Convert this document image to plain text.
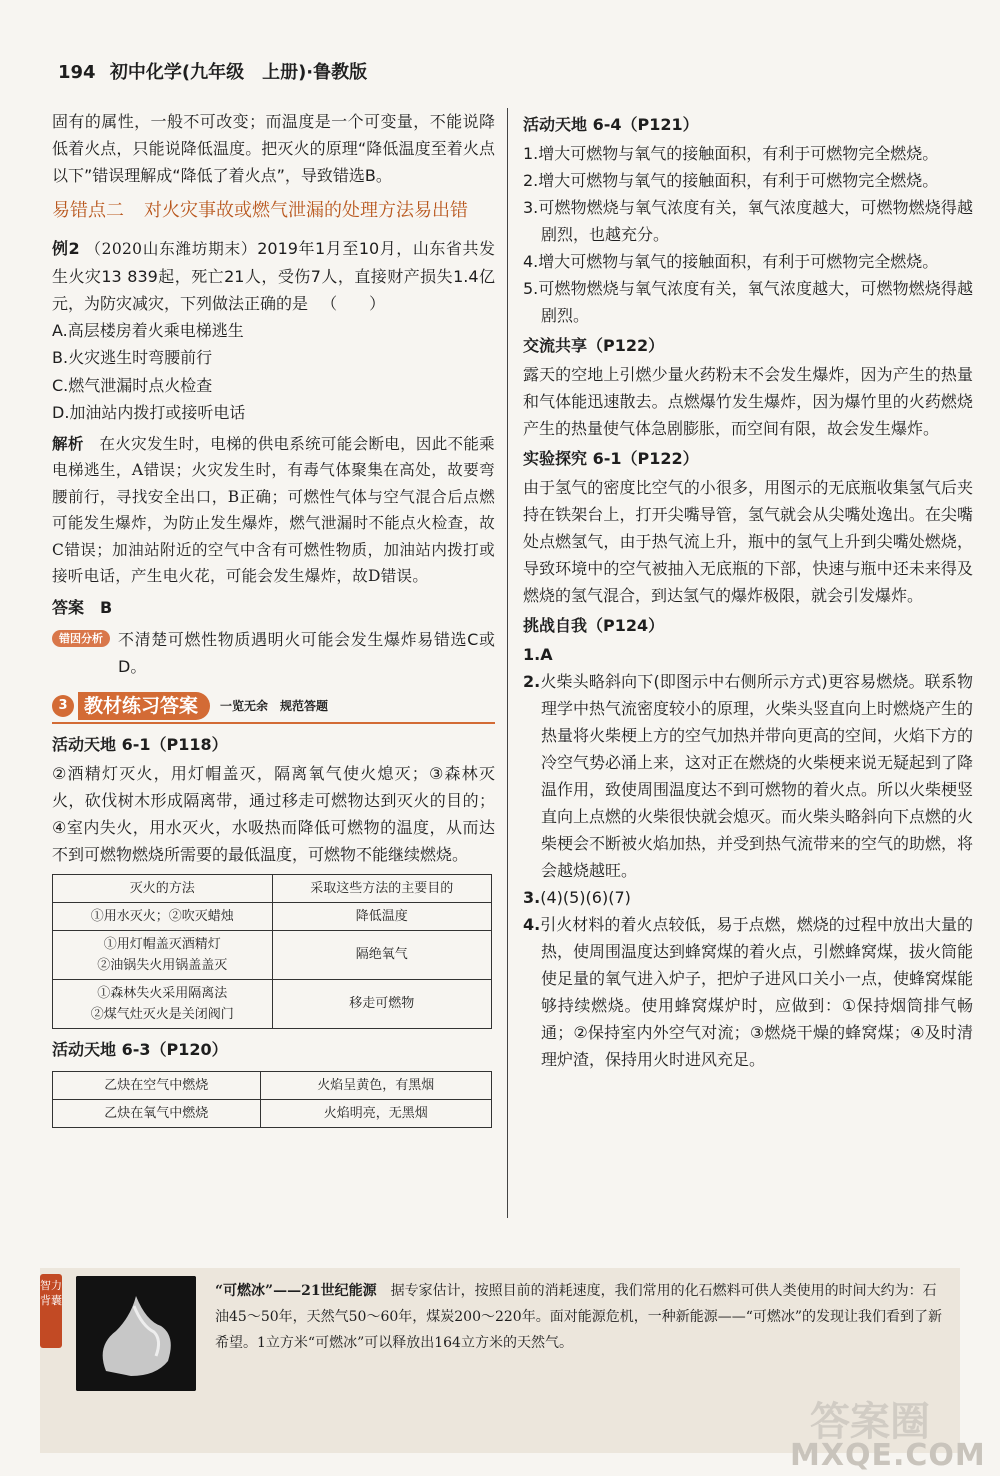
194 初中化学(九年级　上册)·鲁教版

固有的属性，一般不可改变；而温度是一个可变量，不能说降低着火点，只能说降低温度。把灭火的原理“降低温度至着火点以下”错误理解成“降低了着火点”，导致错选B。

易错点二 对火灾事故或燃气泄漏的处理方法易出错

例2 （2020山东潍坊期末）2019年1月至10月，山东省共发生火灾13 839起，死亡21人，受伤7人，直接财产损失1.4亿元，为防灾减灾，下列做法正确的是 （　　）

A.高层楼房着火乘电梯逃生
B.火灾逃生时弯腰前行
C.燃气泄漏时点火检查
D.加油站内拨打或接听电话

解析　 在火灾发生时，电梯的供电系统可能会断电，因此不能乘电梯逃生，A错误；火灾发生时，有毒气体聚集在高处，故要弯腰前行，寻找安全出口，B正确；可燃性气体与空气混合后点燃可能发生爆炸，为防止发生爆炸，燃气泄漏时不能点火检查，故C错误；加油站附近的空气中含有可燃性物质，加油站内拨打或接听电话，产生电火花，可能会发生爆炸，故D错误。

答案　 B
错因分析 不清楚可燃性物质遇明火可能会发生爆炸易错选C或D。

3 教材练习答案	一览无余　规范答题
活动天地 6-1（P118）

②酒精灯灭火，用灯帽盖灭，隔离氧气使火熄灭；③森林灭火，砍伐树木形成隔离带，通过移走可燃物达到灭火的目的；④室内失火，用水灭火，水吸热而降低可燃物的温度，从而达不到可燃物燃烧所需要的最低温度，可燃物不能继续燃烧。

灭火的方法	采取这些方法的主要目的

①用水灭火；②吹灭蜡烛	降低温度

①用灯帽盖灭酒精灯
②油锅失火用锅盖盖灭	隔绝氧气

①森林失火采用隔离法
②煤气灶灭火是关闭阀门	移走可燃物
活动天地 6-3（P120）
乙炔在空气中燃烧	火焰呈黄色，有黑烟
乙炔在氧气中燃烧	火焰明亮，无黑烟
活动天地 6-4（P121）

1.增大可燃物与氧气的接触面积，有利于可燃物完全燃烧。

2.增大可燃物与氧气的接触面积，有利于可燃物完全燃烧。

3.可燃物燃烧与氧气浓度有关，氧气浓度越大，可燃物燃烧得越剧烈，也越充分。

4.增大可燃物与氧气的接触面积，有利于可燃物完全燃烧。

5.可燃物燃烧与氧气浓度有关，氧气浓度越大，可燃物燃烧得越剧烈。

交流共享（P122）

露天的空地上引燃少量火药粉末不会发生爆炸，因为产生的热量和气体能迅速散去。点燃爆竹发生爆炸，因为爆竹里的火药燃烧产生的热量使气体急剧膨胀，而空间有限，故会发生爆炸。

实验探究 6-1（P122）

由于氢气的密度比空气的小很多，用图示的无底瓶收集氢气后夹持在铁架台上，打开尖嘴导管，氢气就会从尖嘴处逸出。在尖嘴处点燃氢气，由于热气流上升，瓶中的氢气上升到尖嘴处燃烧，导致环境中的空气被抽入无底瓶的下部，快速与瓶中还未来得及燃烧的氢气混合，到达氢气的爆炸极限，就会引发爆炸。

挑战自我（P124）

1.A

2.火柴头略斜向下(即图示中右侧所示方式)更容易燃烧。联系物理学中热气流密度较小的原理，火柴头竖直向上时燃烧产生的热量将火柴梗上方的空气加热并带向更高的空间，火焰下方的冷空气势必涌上来，这对正在燃烧的火柴梗来说无疑起到了降温作用，致使周围温度达不到可燃物的着火点。所以火柴梗竖直向上点燃的火柴很快就会熄灭。而火柴头略斜向下点燃的火柴梗会不断被火焰加热，并受到热气流带来的空气的助燃，将会越烧越旺。

3.(4)(5)(6)(7)

4.引火材料的着火点较低，易于点燃，燃烧的过程中放出大量的热，使周围温度达到蜂窝煤的着火点，引燃蜂窝煤，拔火筒能使足量的氧气进入炉子，把炉子进风口关小一点，使蜂窝煤能够持续燃烧。使用蜂窝煤炉时，应做到：①保持烟筒排气畅通；②保持室内外空气对流；③燃烧干燥的蜂窝煤；④及时清理炉渣，保持用火时进风充足。

智力背囊
“可燃冰”——21世纪能源　 据专家估计，按照目前的消耗速度，我们常用的化石燃料可供人类使用的时间大约为：石油45～50年，天然气50～60年，煤炭200～220年。面对能源危机，一种新能源——“可燃冰”的发现让我们看到了新希望。1立方米“可燃冰”可以释放出164立方米的天然气。
答案圈
MXQE.COM
